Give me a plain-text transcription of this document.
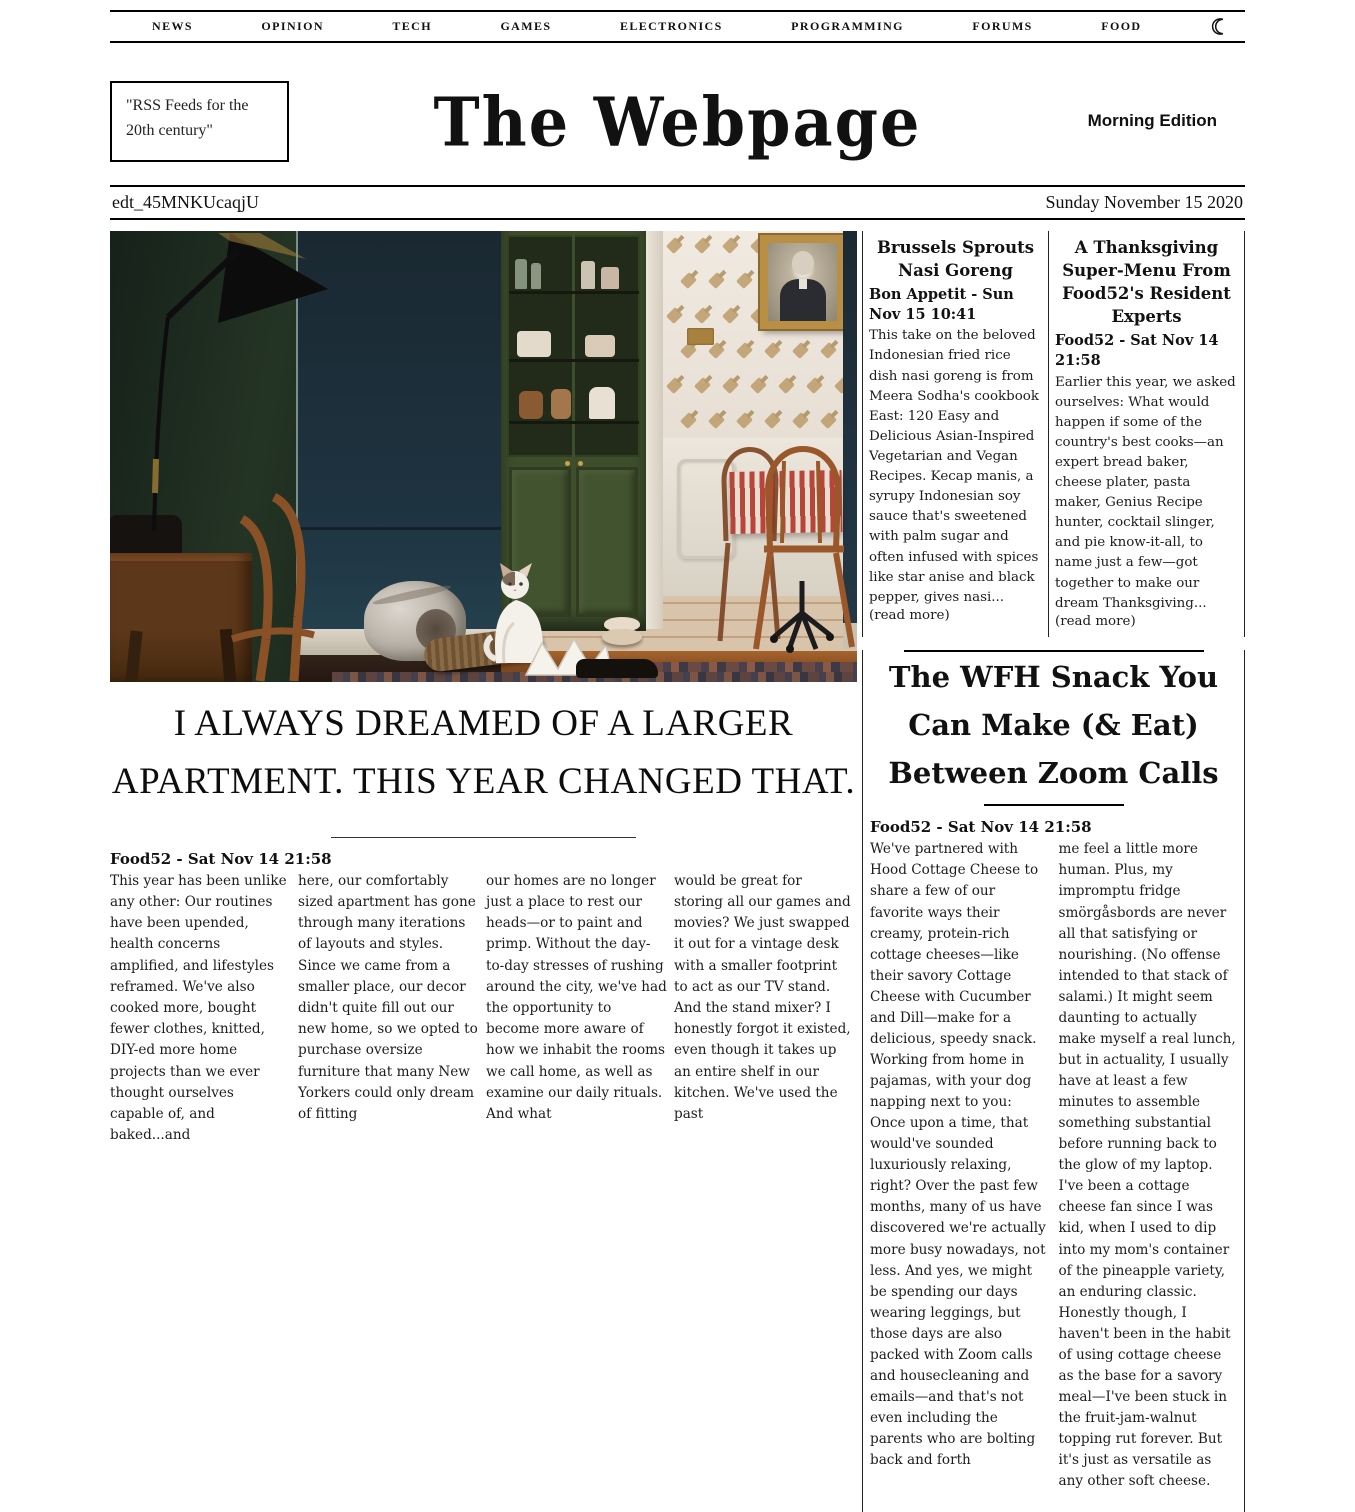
NEWS	OPINION	TECH	GAMES	ELECTRONICS	PROGRAMMING	FORUMS	FOOD
"RSS Feeds for the 20th century"	The Webpage	Morning Edition
edt_45MNKUcaqjU	Sunday November 15 2020
I ALWAYS DREAMED OF A LARGER APARTMENT. THIS YEAR CHANGED THAT.
Food52 - Sat Nov 14 21:58
This year has been unlike any other: Our routines have been upended, health concerns amplified, and lifestyles reframed. We've also cooked more, bought fewer clothes, knitted, DIY-ed more home projects than we ever thought ourselves capable of, and baked...and
here, our comfortably sized apartment has gone through many iterations of layouts and styles. Since we came from a smaller place, our decor didn't quite fill out our new home, so we opted to purchase oversize furniture that many New Yorkers could only dream of fitting
our homes are no longer just a place to rest our heads—or to paint and primp. Without the day-to-day stresses of rushing around the city, we've had the opportunity to become more aware of how we inhabit the rooms we call home, as well as examine our daily rituals. And what
would be great for storing all our games and movies? We just swapped it out for a vintage desk with a smaller footprint to act as our TV stand. And the stand mixer? I honestly forgot it existed, even though it takes up an entire shelf in our kitchen. We've used the past
Brussels Sprouts Nasi Goreng
Bon Appetit - Sun Nov 15 10:41
This take on the beloved Indonesian fried rice dish nasi goreng is from Meera Sodha's cookbook East: 120 Easy and Delicious Asian-Inspired Vegetarian and Vegan Recipes. Kecap manis, a syrupy Indonesian soy sauce that's sweetened with palm sugar and often infused with spices like star anise and black pepper, gives nasi...
(read more)
A Thanksgiving Super-Menu From Food52's Resident Experts
Food52 - Sat Nov 14 21:58
Earlier this year, we asked ourselves: What would happen if some of the country's best cooks—an expert bread baker, cheese plater, pasta maker, Genius Recipe hunter, cocktail slinger, and pie know-it-all, to name just a few—got together to make our dream Thanksgiving...
(read more)
The WFH Snack You Can Make (& Eat) Between Zoom Calls
Food52 - Sat Nov 14 21:58
We've partnered with Hood Cottage Cheese to share a few of our favorite ways their creamy, protein-rich cottage cheeses—like their savory Cottage Cheese with Cucumber and Dill—make for a delicious, speedy snack. Working from home in pajamas, with your dog napping next to you: Once upon a time, that would've sounded luxuriously relaxing, right? Over the past few months, many of us have discovered we're actually more busy nowadays, not less. And yes, we might be spending our days wearing leggings, but those days are also packed with Zoom calls and housecleaning and emails—and that's not even including the parents who are bolting back and forth
me feel a little more human. Plus, my impromptu fridge smörgåsbords are never all that satisfying or nourishing. (No offense intended to that stack of salami.) It might seem daunting to actually make myself a real lunch, but in actuality, I usually have at least a few minutes to assemble something substantial before running back to the glow of my laptop. I've been a cottage cheese fan since I was kid, when I used to dip into my mom's container of the pineapple variety, an enduring classic. Honestly though, I haven't been in the habit of using cottage cheese as the base for a savory meal—I've been stuck in the fruit-jam-walnut topping rut forever. But it's just as versatile as any other soft cheese.
